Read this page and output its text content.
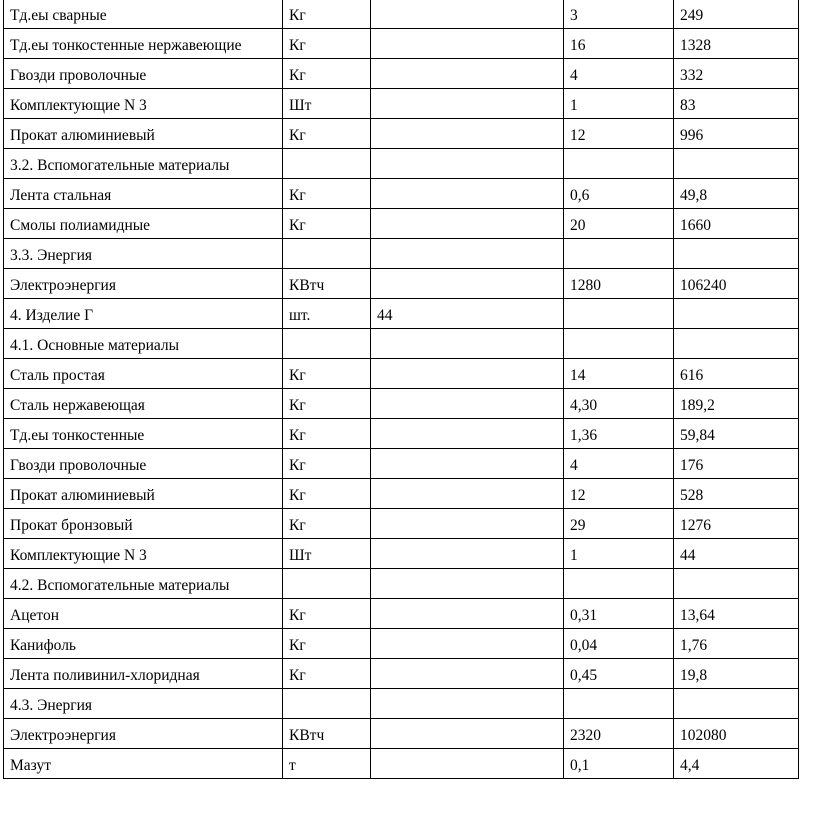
Тд.еы сварные	Кг		3	249
Тд.еы тонкостенные нержавеющие	Кг		16	1328
Гвозди проволочные	Кг		4	332
Комплектующие N 3	Шт		1	83
Прокат алюминиевый	Кг		12	996
3.2. Вспомогательные материалы				
Лента стальная	Кг		0,6	49,8
Смолы полиамидные	Кг		20	1660
3.3. Энергия				
Электроэнергия	КВтч		1280	106240
4. Изделие Г	шт.	44		
4.1. Основные материалы				
Сталь простая	Кг		14	616
Сталь нержавеющая	Кг		4,30	189,2
Тд.еы тонкостенные	Кг		1,36	59,84
Гвозди проволочные	Кг		4	176
Прокат алюминиевый	Кг		12	528
Прокат бронзовый	Кг		29	1276
Комплектующие N 3	Шт		1	44
4.2. Вспомогательные материалы				
Ацетон	Кг		0,31	13,64
Канифоль	Кг		0,04	1,76
Лента поливинил-хлоридная	Кг		0,45	19,8
4.3. Энергия				
Электроэнергия	КВтч		2320	102080
Мазут	т		0,1	4,4
